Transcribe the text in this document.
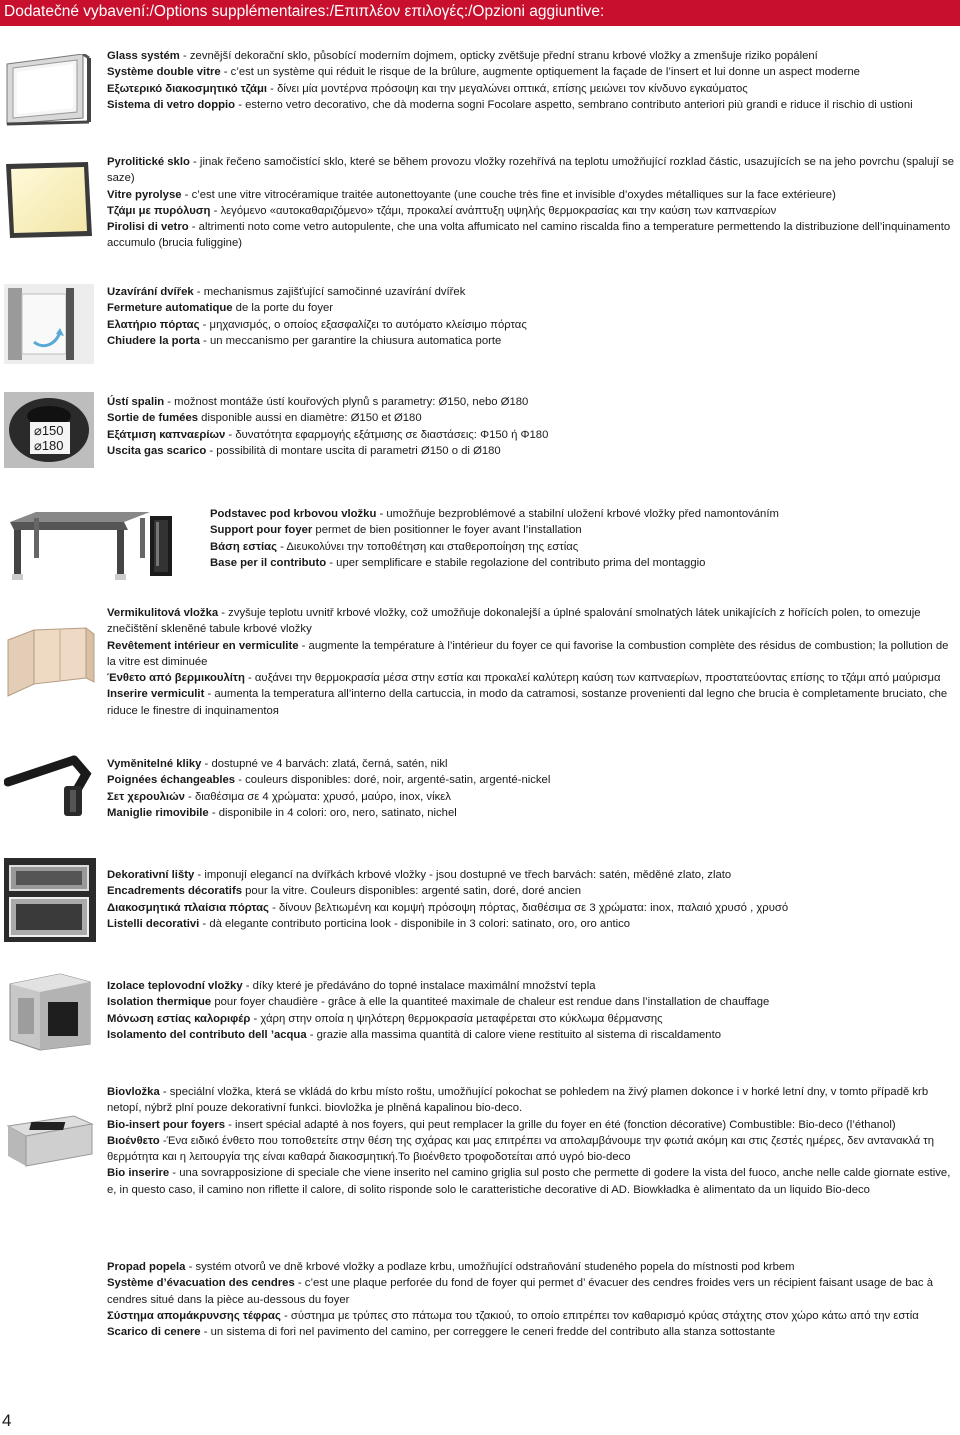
Dodatečné vybavení:/Options supplémentaires:/Επιπλέον επιλογές:/Opzioni aggiuntive:

Glass systém - zevnější dekorační sklo, působící moderním dojmem, opticky zvětšuje přední stranu krbové vložky a zmenšuje riziko popálení

Système double vitre - c’est un système qui réduit le risque de la brûlure, augmente optiquement la façade de l’insert et lui donne un aspect moderne

Εξωτερικό διακοσμητικό τζάμι - δίνει μία μοντέρνα πρόσοψη και την μεγαλώνει οπτικά, επίσης μειώνει τον κίνδυνο εγκαύματος

Sistema di vetro doppio - esterno vetro decorativo, che dà moderna sogni Focolare aspetto, sembrano contributo anteriori più grandi e riduce il rischio di ustioni

Pyrolitické sklo - jinak řečeno samočistící sklo, které se během provozu vložky rozehřívá na teplotu umožňující rozklad částic, usazujících se na jeho povrchu (spalují se saze)

Vitre pyrolyse - c’est une vitre vitrocéramique traitée autonettoyante (une couche très fine et invisible d’oxydes métalliques sur la face extérieure)

Τζάμι με πυρόλυση - λεγόμενο «αυτοκαθαριζόμενο» τζάμι, προκαλεί ανάπτυξη υψηλής θερμοκρασίας και την καύση των καπναερίων

Pirolisi di vetro - altrimenti noto come vetro autopulente, che una volta affumicato nel camino riscalda fino a temperature permettendo la distribuzione dell’inquinamento accumulo (brucia fuliggine)

Uzavírání dvířek - mechanismus zajišťující samočinné uzavírání dvířek

Fermeture automatique de la porte du foyer

Ελατήριο πόρτας - μηχανισμός, ο οποίος εξασφαλίζει το αυτόματο κλείσιμο πόρτας

Chiudere la porta - un meccanismo per garantire la chiusura automatica porte

⌀150
⌀180

Ústí spalin - možnost montáže ústí kouřových plynů s parametry: Ø150, nebo Ø180

Sortie de fumées disponible aussi en diamètre: Ø150 et Ø180

Εξάτμιση καπναερίων - δυνατότητα εφαρμογής εξάτμισης σε διαστάσεις: Φ150 ή Φ180

Uscita gas scarico - possibilità di montare uscita di parametri Ø150 o di Ø180

Podstavec pod krbovou vložku - umožňuje bezproblémové a stabilní uložení krbové vložky před namontováním

Support pour foyer permet de bien positionner le foyer avant l’installation

Βάση εστίας - Διευκολύνει την τοποθέτηση και σταθεροποίηση της εστίας

Base per il contributo - uper semplificare e stabile regolazione del contributo prima del montaggio

Vermikulitová vložka - zvyšuje teplotu uvnitř krbové vložky, což umožňuje dokonalejší a úplné spalování smolnatých látek unikajících z hořících polen, to omezuje znečištění skleněné tabule krbové vložky

Revêtement intérieur en vermiculite - augmente la température à l’intérieur du foyer ce qui favorise la combustion complète des résidus de combustion; la pollution de la vitre est diminuée

Ένθετο από βερμικουλίτη - αυξάνει την θερμοκρασία μέσα στην εστία και προκαλεί καλύτερη καύση των καπναερίων, προστατεύοντας επίσης το τζάμι από μαύρισμα

Inserire vermiculit - aumenta la temperatura all’interno della cartuccia, in modo da catramosi, sostanze provenienti dal legno che brucia è completamente bruciato, che riduce le finestre di inquinamentoя

Vyměnitelné kliky - dostupné ve 4 barvách: zlatá, černá, satén, nikl

Poignées échangeables - couleurs disponibles: doré, noir, argenté-satin, argenté-nickel

Σετ χερουλιών - διαθέσιμα σε 4 χρώματα: χρυσό, μαύρο, inox, νίκελ

Maniglie rimovibile - disponibile in 4 colori: oro, nero, satinato, nichel

Dekorativní lišty - imponují elegancí na dvířkách krbové vložky - jsou dostupné ve třech barvách: satén, měděné zlato, zlato

Encadrements décoratifs pour la vitre. Couleurs disponibles: argenté satin, doré, doré ancien

Διακοσμητικά πλαίσια πόρτας - δίνουν βελτιωμένη και κομψή πρόσοψη πόρτας, διαθέσιμα σε 3 χρώματα: inox, παλαιό χρυσό , χρυσό

Listelli decorativi - dà elegante contributo porticina look - disponibile in 3 colori: satinato, oro, oro antico

Izolace teplovodní vložky - díky které je předáváno do topné instalace maximální množství tepla

Isolation thermique pour foyer chaudière - grâce à elle la quantiteé maximale de chaleur est rendue dans l’installation de chauffage

Μόνωση εστίας καλοριφέρ - χάρη στην οποία η ψηλότερη θερμοκρασία μεταφέρεται στο κύκλωμα θέρμανσης

Isolamento del contributo dell ’acqua - grazie alla massima quantità di calore viene restituito al sistema di riscaldamento

Biovložka - speciální vložka, která se vkládá do krbu místo roštu, umožňující pokochat se pohledem na živý plamen dokonce i v horké letní dny, v tomto případě krb netopí, nýbrž plní pouze dekorativní funkci. biovložka je plněná kapalinou bio-deco.

Bio-insert pour foyers - insert spécial adapté à nos foyers, qui peut remplacer la grille du foyer en été (fonction décorative) Combustible: Bio-deco (l’éthanol)

Βιοένθετο -Ένα ειδικό ένθετο που τοποθετείτε στην θέση της σχάρας και μας επιτρέπει να απολαμβάνουμε την φωτιά ακόμη και στις ζεστές ημέρες, δεν αντανακλά τη θερμότητα και η λειτουργία της είναι καθαρά διακοσμητική.Το βιοένθετο τροφοδοτείται από υγρό bio-deco

Bio inserire - una sovrapposizione di speciale che viene inserito nel camino griglia sul posto che permette di godere la vista del fuoco, anche nelle calde giornate estive, e, in questo caso, il camino non riflette il calore, di solito risponde solo le caratteristiche decorative di AD. Biowkładka è alimentato da un liquido Bio-deco

Propad popela - systém otvorů ve dně krbové vložky a podlaze krbu, umožňující odstraňování studeného popela do místnosti pod krbem

Système d’évacuation des cendres - c’est une plaque perforée du fond de foyer qui permet d’ évacuer des cendres froides vers un récipient faisant usage de bac à cendres situé dans la pièce au-dessous du foyer

Σύστημα απομάκρυνσης τέφρας - σύστημα με τρύπες στο πάτωμα του τζακιού, το οποίο επιτρέπει τον καθαρισμό κρύας στάχτης στον χώρο κάτω από την εστία

Scarico di cenere - un sistema di fori nel pavimento del camino, per correggere le ceneri fredde del contributo alla stanza sottostante

4
